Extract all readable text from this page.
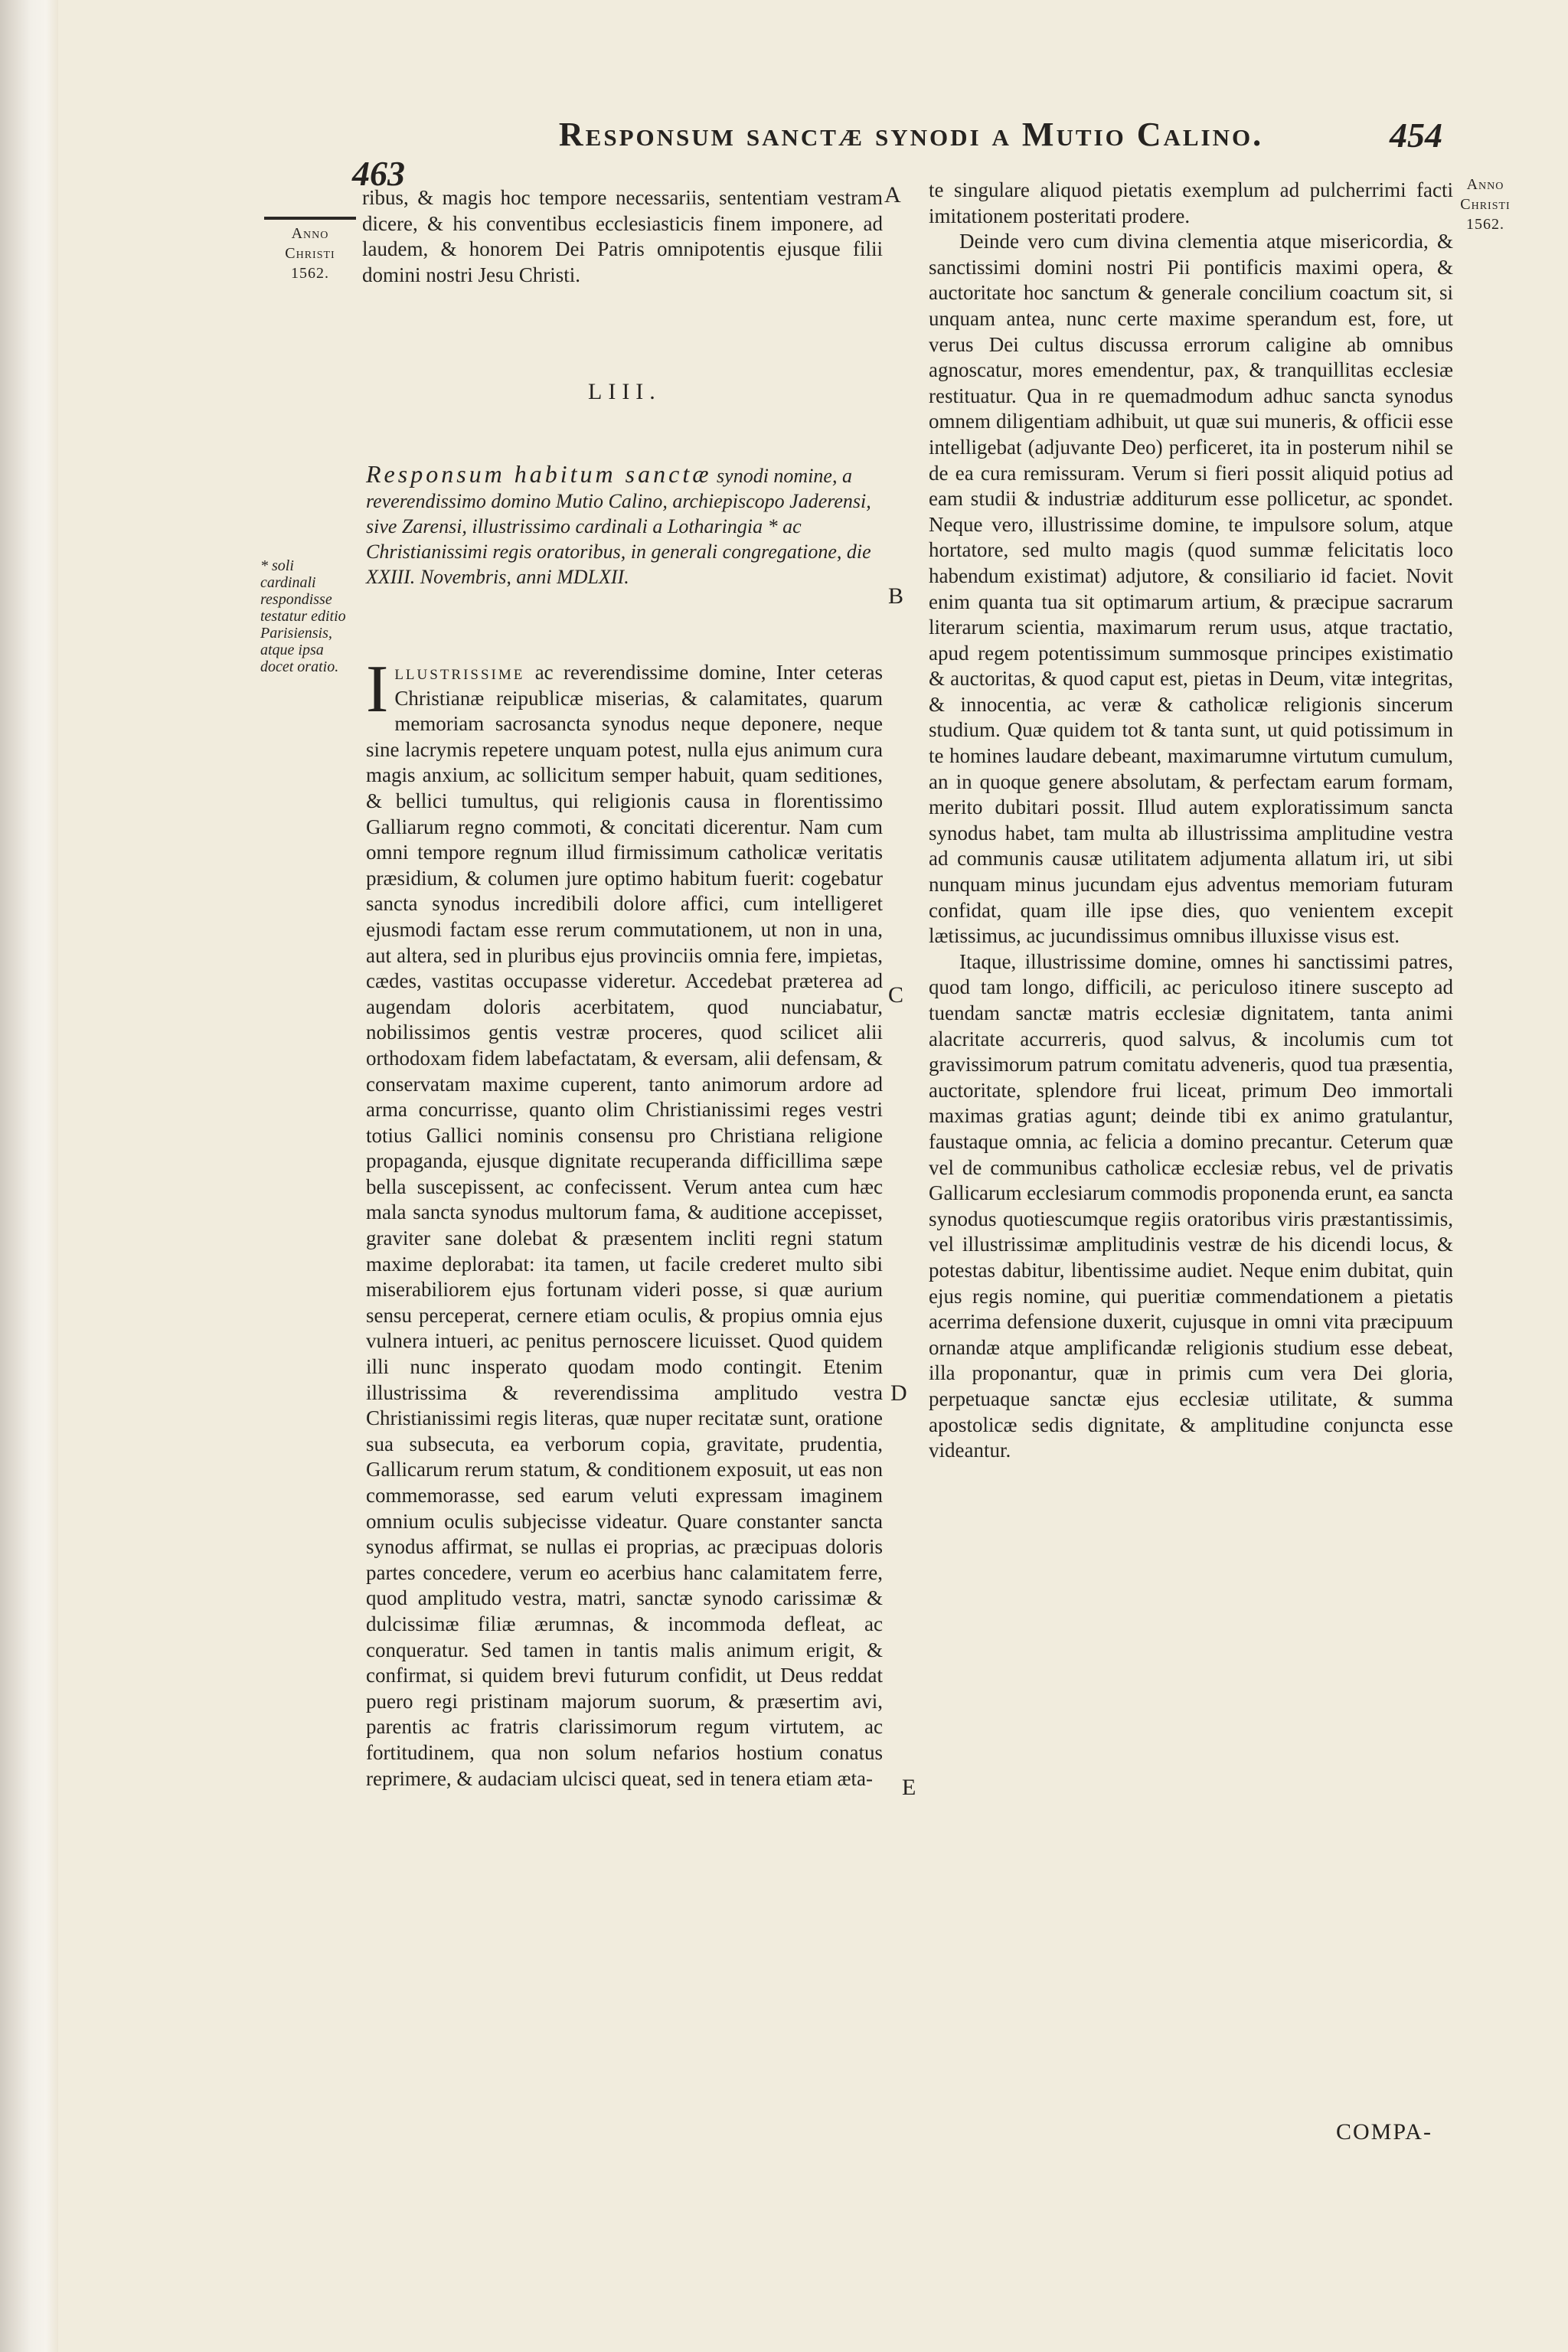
463
Responsum sanctæ synodi a Mutio Calino.	454
Anno
Christi
1562.
* soli cardinali respondisse testatur editio Parisiensis, atque ipsa docet oratio.
Anno
Christi
1562.
A
B
C
D
E

ribus, & magis hoc tempore necessariis, sententiam vestram dicere, & his conventibus ecclesiasticis finem imponere, ad laudem, & honorem Dei Patris omnipotentis ejusque filii domini nostri Jesu Christi.

LIII.
Responsum habitum sanctæ synodi nomine, a reverendissimo domino Mutio Calino, archiepiscopo Jaderensi, sive Zarensi, illustrissimo cardinali a Lotharingia * ac Christianissimi regis oratoribus, in generali congregatione, die XXIII. Novembris, anni MDLXII.

Illustrissime ac reverendissime domine, Inter ceteras Christianæ reipublicæ miserias, & calamitates, quarum memoriam sacrosancta synodus neque deponere, neque sine lacrymis repetere unquam potest, nulla ejus animum cura magis anxium, ac sollicitum semper habuit, quam seditiones, & bellici tumultus, qui religionis causa in florentissimo Galliarum regno commoti, & concitati dicerentur. Nam cum omni tempore regnum illud firmissimum catholicæ veritatis præsidium, & columen jure optimo habitum fuerit: cogebatur sancta synodus incredibili dolore affici, cum intelligeret ejusmodi factam esse rerum commutationem, ut non in una, aut altera, sed in pluribus ejus provinciis omnia fere, impietas, cædes, vastitas occupasse videretur. Accedebat præterea ad augendam doloris acerbitatem, quod nunciabatur, nobilissimos gentis vestræ proceres, quod scilicet alii orthodoxam fidem labefactatam, & eversam, alii defensam, & conservatam maxime cuperent, tanto animorum ardore ad arma concurrisse, quanto olim Christianissimi reges vestri totius Gallici nominis consensu pro Christiana religione propaganda, ejusque dignitate recuperanda difficillima sæpe bella suscepissent, ac confecissent. Verum antea cum hæc mala sancta synodus multorum fama, & auditione accepisset, graviter sane dolebat & præsentem incliti regni statum maxime deplorabat: ita tamen, ut facile crederet multo sibi miserabiliorem ejus fortunam videri posse, si quæ aurium sensu perceperat, cernere etiam oculis, & propius omnia ejus vulnera intueri, ac penitus pernoscere licuisset. Quod quidem illi nunc insperato quodam modo contingit. Etenim illustrissima & reverendissima amplitudo vestra Christianissimi regis literas, quæ nuper recitatæ sunt, oratione sua subsecuta, ea verborum copia, gravitate, prudentia, Gallicarum rerum statum, & conditionem exposuit, ut eas non commemorasse, sed earum veluti expressam imaginem omnium oculis subjecisse videatur. Quare constanter sancta synodus affirmat, se nullas ei proprias, ac præcipuas doloris partes concedere, verum eo acerbius hanc calamitatem ferre, quod amplitudo vestra, matri, sanctæ synodo carissimæ & dulcissimæ filiæ ærumnas, & incommoda defleat, ac conqueratur. Sed tamen in tantis malis animum erigit, & confirmat, si quidem brevi futurum confidit, ut Deus reddat puero regi pristinam majorum suorum, & præsertim avi, parentis ac fratris clarissimorum regum virtutem, ac fortitudinem, qua non solum nefarios hostium conatus reprimere, & audaciam ulcisci queat, sed in tenera etiam æta-

te singulare aliquod pietatis exemplum ad pulcherrimi facti imitationem posteritati prodere.

Deinde vero cum divina clementia atque misericordia, & sanctissimi domini nostri Pii pontificis maximi opera, & auctoritate hoc sanctum & generale concilium coactum sit, si unquam antea, nunc certe maxime sperandum est, fore, ut verus Dei cultus discussa errorum caligine ab omnibus agnoscatur, mores emendentur, pax, & tranquillitas ecclesiæ restituatur. Qua in re quemadmodum adhuc sancta synodus omnem diligentiam adhibuit, ut quæ sui muneris, & officii esse intelligebat (adjuvante Deo) perficeret, ita in posterum nihil se de ea cura remissuram. Verum si fieri possit aliquid potius ad eam studii & industriæ additurum esse pollicetur, ac spondet. Neque vero, illustrissime domine, te impulsore solum, atque hortatore, sed multo magis (quod summæ felicitatis loco habendum existimat) adjutore, & consiliario id faciet. Novit enim quanta tua sit optimarum artium, & præcipue sacrarum literarum scientia, maximarum rerum usus, atque tractatio, apud regem potentissimum summosque principes existimatio & auctoritas, & quod caput est, pietas in Deum, vitæ integritas, & innocentia, ac veræ & catholicæ religionis sincerum studium. Quæ quidem tot & tanta sunt, ut quid potissimum in te homines laudare debeant, maximarumne virtutum cumulum, an in quoque genere absolutam, & perfectam earum formam, merito dubitari possit. Illud autem exploratissimum sancta synodus habet, tam multa ab illustrissima amplitudine vestra ad communis causæ utilitatem adjumenta allatum iri, ut sibi nunquam minus jucundam ejus adventus memoriam futuram confidat, quam ille ipse dies, quo venientem excepit lætissimus, ac jucundissimus omnibus illuxisse visus est.

Itaque, illustrissime domine, omnes hi sanctissimi patres, quod tam longo, difficili, ac periculoso itinere suscepto ad tuendam sanctæ matris ecclesiæ dignitatem, tanta animi alacritate accurreris, quod salvus, & incolumis cum tot gravissimorum patrum comitatu adveneris, quod tua præsentia, auctoritate, splendore frui liceat, primum Deo immortali maximas gratias agunt; deinde tibi ex animo gratulantur, faustaque omnia, ac felicia a domino precantur. Ceterum quæ vel de communibus catholicæ ecclesiæ rebus, vel de privatis Gallicarum ecclesiarum commodis proponenda erunt, ea sancta synodus quotiescumque regiis oratoribus viris præstantissimis, vel illustrissimæ amplitudinis vestræ de his dicendi locus, & potestas dabitur, libentissime audiet. Neque enim dubitat, quin ejus regis nomine, qui pueritiæ commendationem a pietatis acerrima defensione duxerit, cujusque in omni vita præcipuum ornandæ atque amplificandæ religionis studium esse debeat, illa proponantur, quæ in primis cum vera Dei gloria, perpetuaque sanctæ ejus ecclesiæ utilitate, & summa apostolicæ sedis dignitate, & amplitudine conjuncta esse videantur.

COMPA-
